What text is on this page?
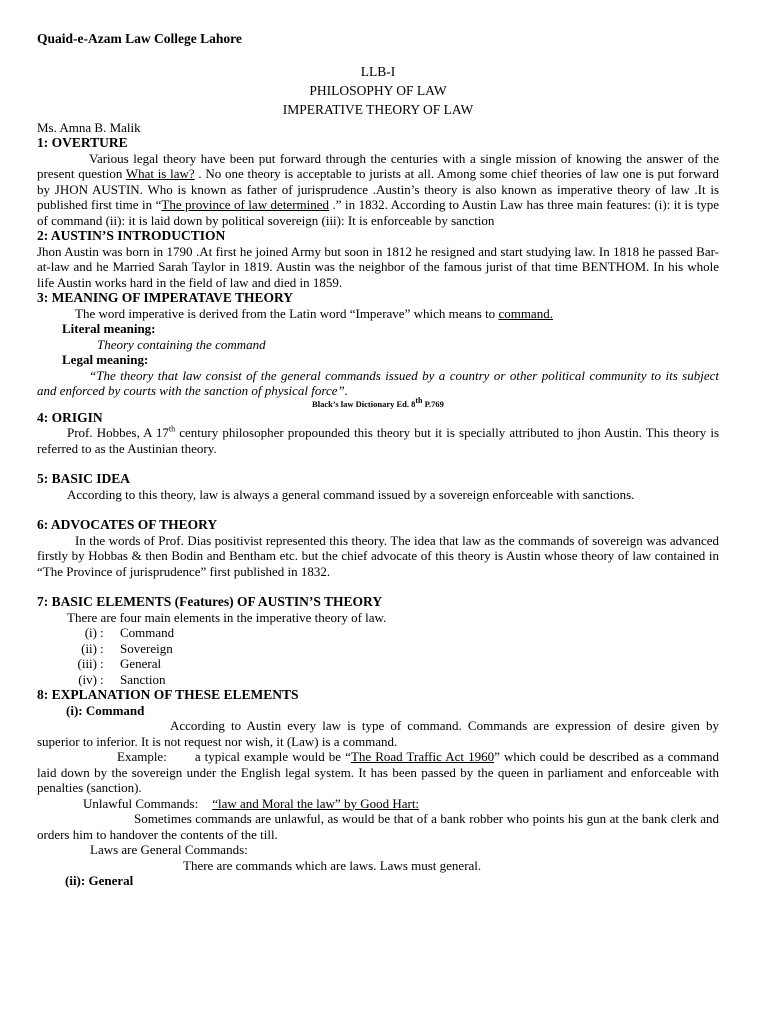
Quaid-e-Azam Law College Lahore
LLB-I
PHILOSOPHY OF LAW
IMPERATIVE THEORY OF LAW
Ms. Amna B. Malik
1: OVERTURE

Various legal theory have been put forward through the centuries with a single mission of knowing the answer of the present question What is law? . No one theory is acceptable to jurists at all. Among some chief theories of law one is put forward by JHON AUSTIN. Who is known as father of jurisprudence .Austin’s theory is also known as imperative theory of law .It is published first time in “The province of law determined .” in 1832. According to Austin Law has three main features: (i): it is type of command (ii): it is laid down by political sovereign (iii): It is enforceable by sanction

2: AUSTIN’S INTRODUCTION

Jhon Austin was born in 1790 .At first he joined Army but soon in 1812 he resigned and start studying law. In 1818 he passed Bar-at-law and he Married Sarah Taylor in 1819. Austin was the neighbor of the famous jurist of that time BENTHOM. In his whole life Austin works hard in the field of law and died in 1859.

3: MEANING OF IMPERATAVE THEORY

The word imperative is derived from the Latin word “Imperave” which means to command.

Literal meaning:
Theory containing the command
Legal meaning:

“The theory that law consist of the general commands issued by a country or other political community to its subject and enforced by courts with the sanction of physical force”.

Black’s law Dictionary Ed. 8th P.769
4: ORIGIN

Prof. Hobbes, A 17th century philosopher propounded this theory but it is specially attributed to jhon Austin. This theory is referred to as the Austinian theory.

5: BASIC IDEA

According to this theory, law is always a general command issued by a sovereign enforceable with sanctions.

6: ADVOCATES OF THEORY

In the words of Prof. Dias positivist represented this theory. The idea that law as the commands of sovereign was advanced firstly by Hobbas & then Bodin and Bentham etc. but the chief advocate of this theory is Austin whose theory of law contained in “The Province of jurisprudence” first published in 1832.

7: BASIC ELEMENTS (Features) OF AUSTIN’S THEORY

There are four main elements in the imperative theory of law.

(i) : Command
(ii) : Sovereign
(iii) : General
(iv) : Sanction
8: EXPLANATION OF THESE ELEMENTS
(i): Command

According to Austin every law is type of command. Commands are expression of desire given by superior to inferior. It is not request nor wish, it (Law) is a command.

Example: a typical example would be “The Road Traffic Act 1960” which could be described as a command laid down by the sovereign under the English legal system. It has been passed by the queen in parliament and enforceable with penalties (sanction).

Unlawful Commands: “law and Moral the law” by Good Hart:

Sometimes commands are unlawful, as would be that of a bank robber who points his gun at the bank clerk and orders him to handover the contents of the till.

Laws are General Commands:
There are commands which are laws. Laws must general.
(ii): General
